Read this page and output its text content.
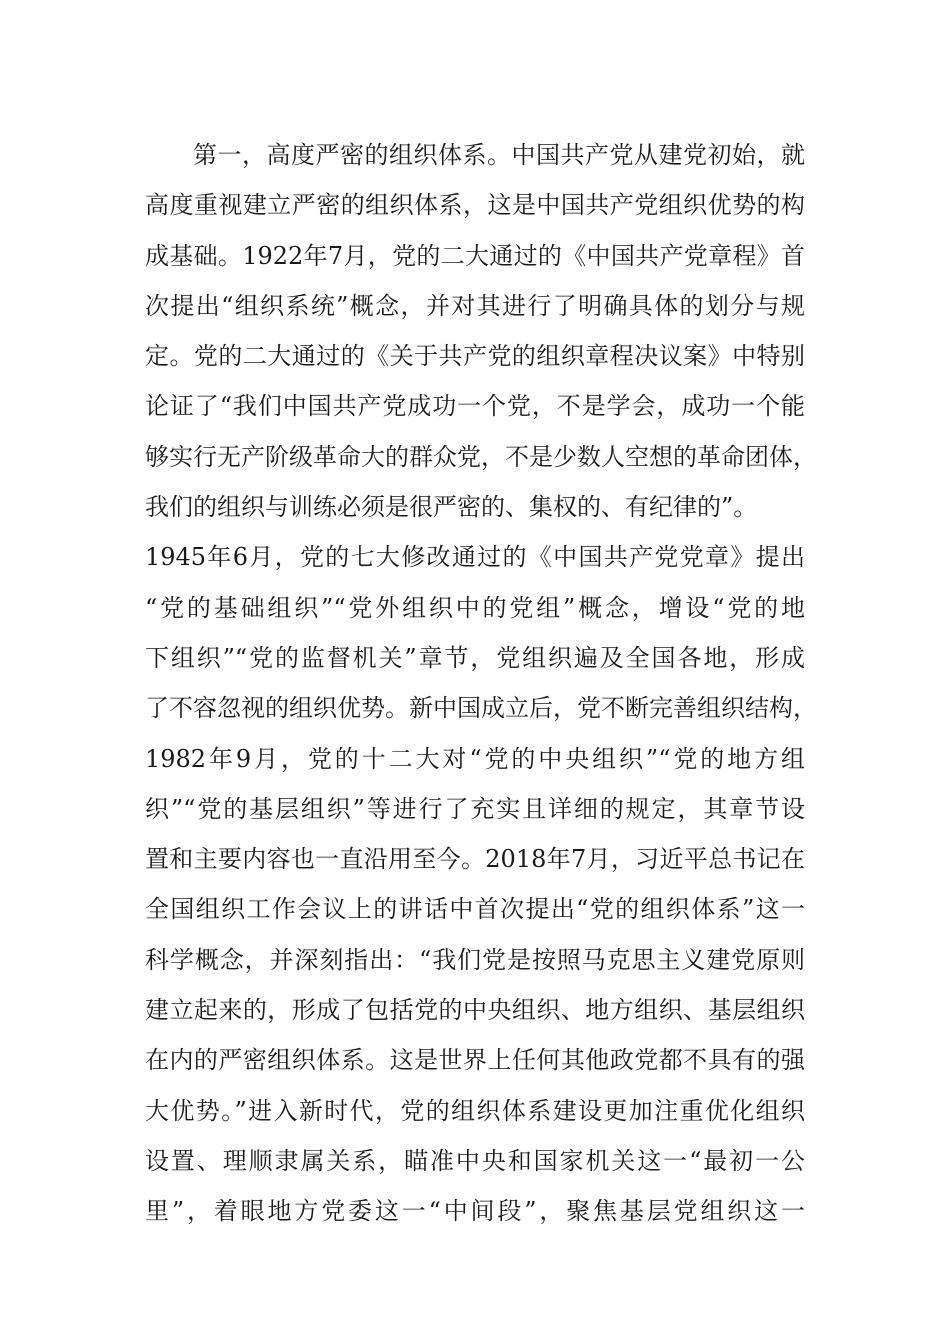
第一，高度严密的组织体系。中国共产党从建党初始，就
高度重视建立严密的组织体系，这是中国共产党组织优势的构
成基础。1922年7月，党的二大通过的《中国共产党章程》首
次提出“组织系统”概念，并对其进行了明确具体的划分与规
定。党的二大通过的《关于共产党的组织章程决议案》中特别
论证了“我们中国共产党成功一个党，不是学会，成功一个能
够实行无产阶级革命大的群众党，不是少数人空想的革命团体，
我们的组织与训练必须是很严密的、集权的、有纪律的”。
1945年6月，党的七大修改通过的《中国共产党党章》提出
“党的基础组织”“党外组织中的党组”概念，增设“党的地
下组织”“党的监督机关”章节，党组织遍及全国各地，形成
了不容忽视的组织优势。新中国成立后，党不断完善组织结构，
1982年9月，党的十二大对“党的中央组织”“党的地方组
织”“党的基层组织”等进行了充实且详细的规定，其章节设
置和主要内容也一直沿用至今。2018年7月，习近平总书记在
全国组织工作会议上的讲话中首次提出“党的组织体系”这一
科学概念，并深刻指出：“我们党是按照马克思主义建党原则
建立起来的，形成了包括党的中央组织、地方组织、基层组织
在内的严密组织体系。这是世界上任何其他政党都不具有的强
大优势。”进入新时代，党的组织体系建设更加注重优化组织
设置、理顺隶属关系，瞄准中央和国家机关这一“最初一公
里”，着眼地方党委这一“中间段”，聚焦基层党组织这一
